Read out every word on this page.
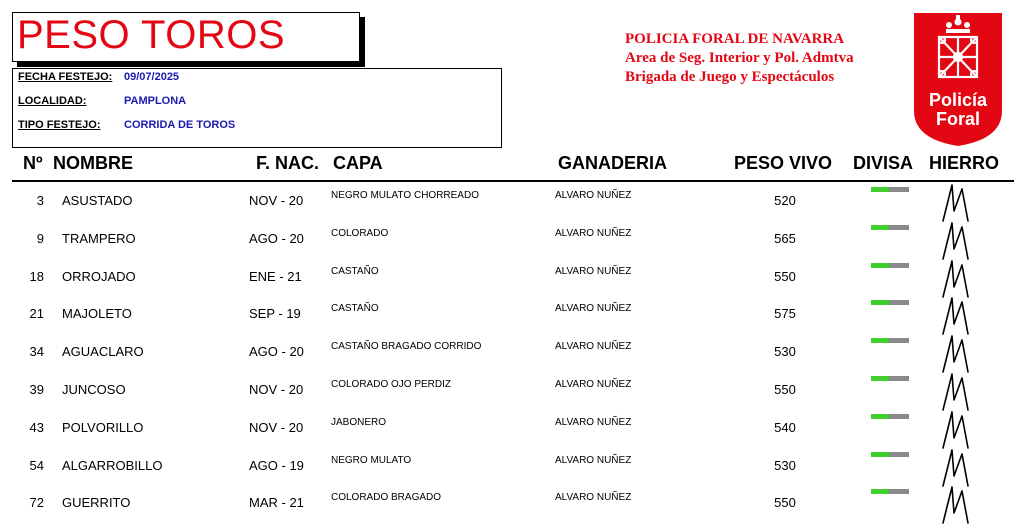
PESO TOROS
FECHA FESTEJO: 09/07/2025
LOCALIDAD:	PAMPLONA
TIPO FESTEJO: CORRIDA DE TOROS
POLICIA FORAL DE NAVARRA
Area de Seg. Interior y Pol. Admtva
Brigada de Juego y Espectáculos
Policía
Foral
Nº NOMBRE	F. NAC. CAPA	GANADERIA	PESO VIVO DIVISA HIERRO
3 ASUSTADO	NOV - 20	NEGRO MULATO CHORREADO	ALVARO NUÑEZ	520
9 TRAMPERO	AGO - 20	COLORADO	ALVARO NUÑEZ	565
18 ORROJADO	ENE - 21	CASTAÑO	ALVARO NUÑEZ	550
21 MAJOLETO	SEP - 19	CASTAÑO	ALVARO NUÑEZ	575
34 AGUACLARO	AGO - 20	CASTAÑO BRAGADO CORRIDO	ALVARO NUÑEZ	530
39 JUNCOSO	NOV - 20	COLORADO OJO PERDIZ	ALVARO NUÑEZ	550
43 POLVORILLO	NOV - 20	JABONERO	ALVARO NUÑEZ	540
54 ALGARROBILLO	AGO - 19	NEGRO MULATO	ALVARO NUÑEZ	530
72 GUERRITO	MAR - 21	COLORADO BRAGADO	ALVARO NUÑEZ	550
